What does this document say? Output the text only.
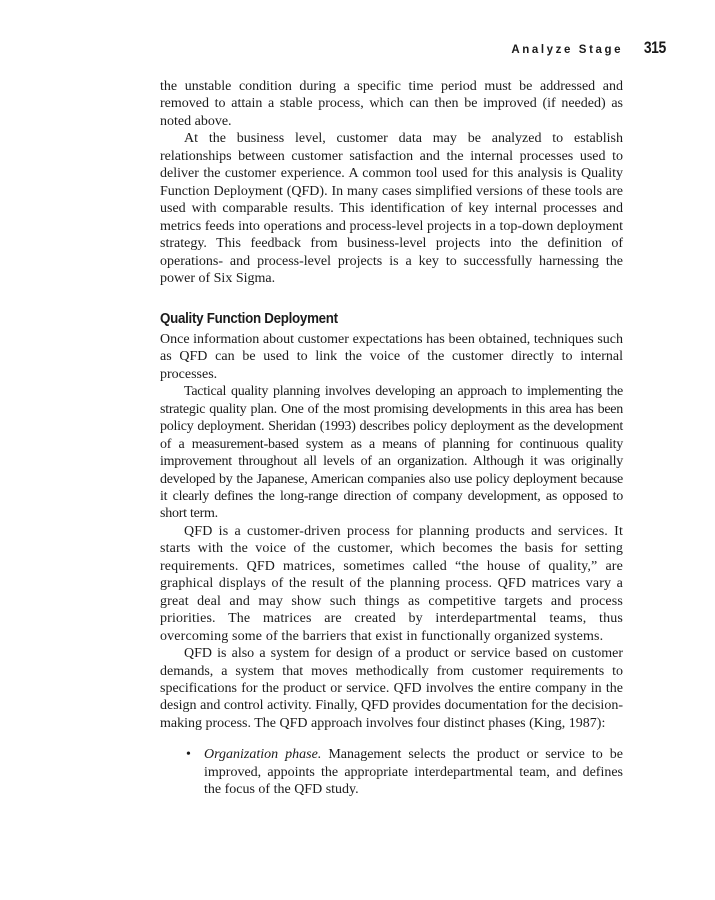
Analyze Stage 315

the unstable condition during a specific time period must be addressed and removed to attain a stable process, which can then be improved (if needed) as noted above.

At the business level, customer data may be analyzed to establish relationships between customer satisfaction and the internal processes used to deliver the customer experience. A common tool used for this analysis is Quality Function Deployment (QFD). In many cases simplified versions of these tools are used with comparable results. This identification of key internal processes and metrics feeds into operations and process-level projects in a top-down deployment strategy. This feedback from business-level projects into the definition of operations- and process-level projects is a key to successfully harnessing the power of Six Sigma.

Quality Function Deployment

Once information about customer expectations has been obtained, techniques such as QFD can be used to link the voice of the customer directly to internal processes.

Tactical quality planning involves developing an approach to implementing the strategic quality plan. One of the most promising developments in this area has been policy deployment. Sheridan (1993) describes policy deployment as the development of a measurement-based system as a means of planning for continuous quality improvement throughout all levels of an organization. Although it was originally developed by the Japanese, American companies also use policy deployment because it clearly defines the long-range direction of company development, as opposed to short term.

QFD is a customer-driven process for planning products and services. It starts with the voice of the customer, which becomes the basis for setting requirements. QFD matrices, sometimes called “the house of quality,” are graphical displays of the result of the planning process. QFD matrices vary a great deal and may show such things as competitive targets and process priorities. The matrices are created by interdepartmental teams, thus overcoming some of the barriers that exist in functionally organized systems.

QFD is also a system for design of a product or service based on customer demands, a system that moves methodically from customer requirements to specifications for the product or service. QFD involves the entire company in the design and control activity. Finally, QFD provides documentation for the decision-making process. The QFD approach involves four distinct phases (King, 1987):

• Organization phase. Management selects the product or service to be improved, appoints the appropriate interdepartmental team, and defines the focus of the QFD study.
